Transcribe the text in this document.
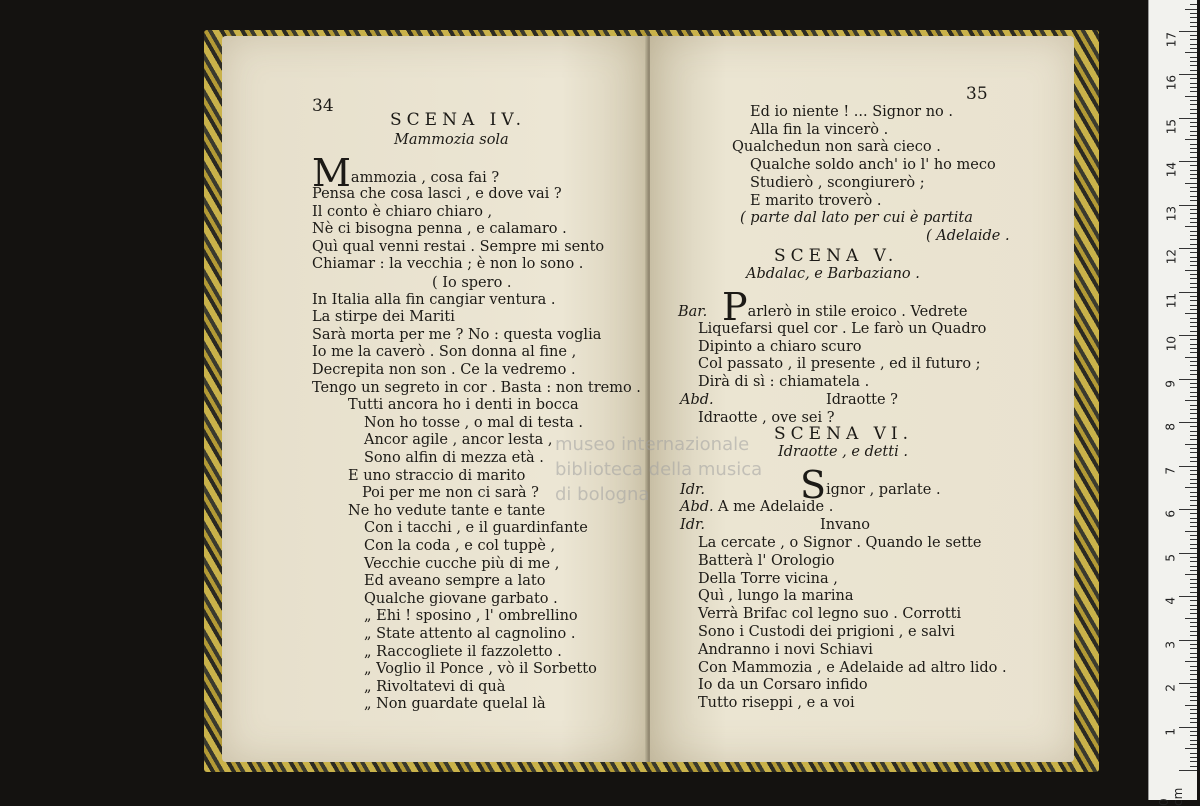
34
SCENA IV.
Mammozia sola
Mammozia , cosa fai ?
Pensa che cosa lasci , e dove vai ?
Il conto è chiaro chiaro ,
Nè ci bisogna penna , e calamaro .
Quì qual venni restai . Sempre mi sento
Chiamar : la vecchia ; è non lo sono .
( Io spero .
In Italia alla fin cangiar ventura .
La stirpe dei Mariti
Sarà morta per me ? No : questa voglia
Io me la caverò . Son donna al fine ,
Decrepita non son . Ce la vedremo .
Tengo un segreto in cor . Basta : non tremo .
Tutti ancora ho i denti in bocca
Non ho tosse , o mal di testa .
Ancor agile , ancor lesta ,
Sono alfin di mezza età .
E uno straccio di marito
Poi per me non ci sarà ?
Ne ho vedute tante e tante
Con i tacchi , e il guardinfante
Con la coda , e col tuppè ,
Vecchie cucche più di me ,
Ed aveano sempre a lato
Qualche giovane garbato .
„ Ehi ! sposino , l' ombrellino
„ State attento al cagnolino .
„ Raccogliete il fazzoletto .
„ Voglio il Ponce , vò il Sorbetto
„ Rivoltatevi di quà
„ Non guardate quelal là
35
Ed io niente ! ... Signor no .
Alla fin la vincerò .
Qualchedun non sarà cieco .
Qualche soldo anch' io l' ho meco
Studierò , scongiurerò ;
E marito troverò .
( parte dal lato per cui è partita
( Adelaide .
SCENA V.
Abdalac, e Barbaziano .
Bar. Parlerò in stile eroico . Vedrete
Liquefarsi quel cor . Le farò un Quadro
Dipinto a chiaro scuro
Col passato , il presente , ed il futuro ;
Dirà di sì : chiamatela .
Abd.	Idraotte ?
Idraotte , ove sei ?
SCENA VI.
Idraotte , e detti .
Idr.	Signor , parlate .
Abd. A me Adelaide .
Idr.	Invano
La cercate , o Signor . Quando le sette
Batterà l' Orologio
Della Torre vicina ,
Quì , lungo la marina
Verrà Brifac col legno suo . Corrotti
Sono i Custodi dei prigioni , e salvi
Andranno i novi Schiavi
Con Mammozia , e Adelaide ad altro lido .
Io da un Corsaro infido
Tutto riseppi , e a voi
museo internazionale
biblioteca della musica
di bologna
0 cm
1
2
3
4
5
6
7
8
9
10
11
12
13
14
15
16
17
